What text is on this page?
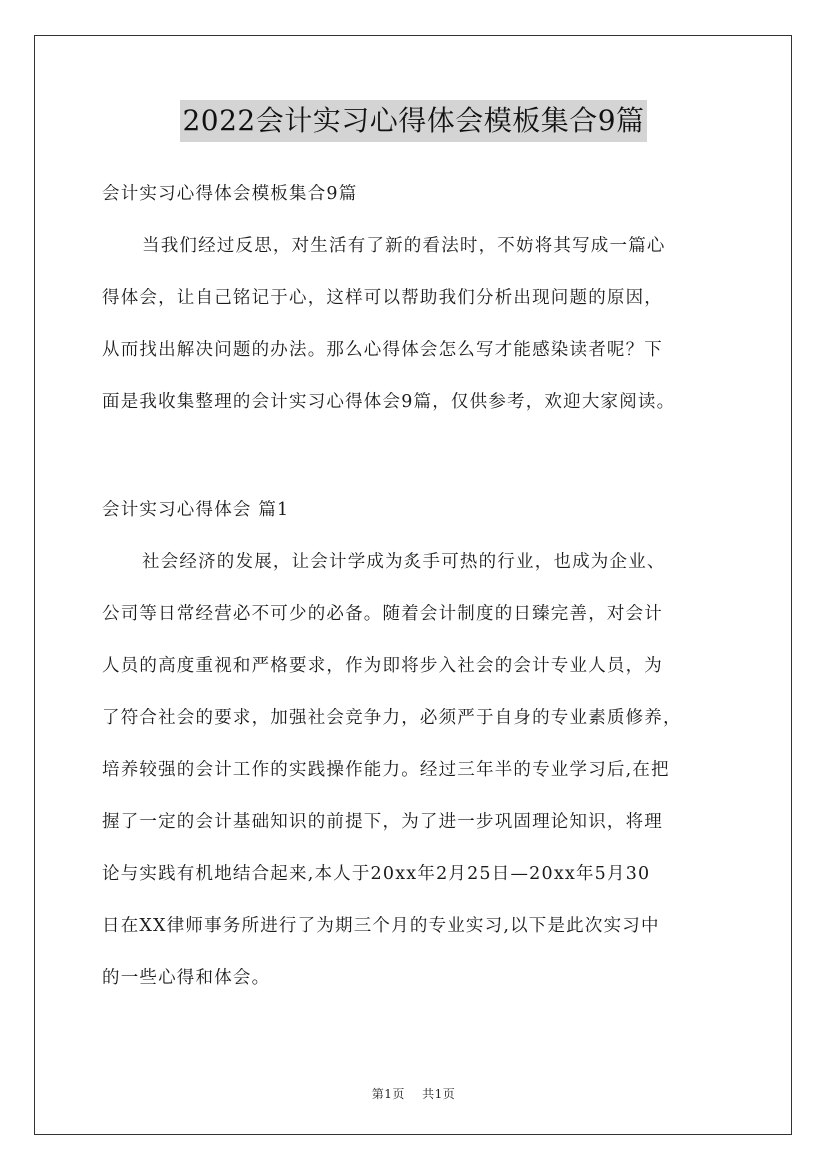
2022会计实习心得体会模板集合9篇
会计实习心得体会模板集合9篇
当我们经过反思，对生活有了新的看法时，不妨将其写成一篇心
得体会，让自己铭记于心，这样可以帮助我们分析出现问题的原因，
从而找出解决问题的办法。那么心得体会怎么写才能感染读者呢？下
面是我收集整理的会计实习心得体会9篇，仅供参考，欢迎大家阅读。
会计实习心得体会 篇1
社会经济的发展，让会计学成为炙手可热的行业，也成为企业、
公司等日常经营必不可少的必备。随着会计制度的日臻完善，对会计
人员的高度重视和严格要求，作为即将步入社会的会计专业人员，为
了符合社会的要求，加强社会竞争力，必须严于自身的专业素质修养，
培养较强的会计工作的实践操作能力。经过三年半的专业学习后,在把
握了一定的会计基础知识的前提下，为了进一步巩固理论知识，将理
论与实践有机地结合起来,本人于20xx年2月25日—20xx年5月30
日在XX律师事务所进行了为期三个月的专业实习,以下是此次实习中
的一些心得和体会。
第1页 共1页
